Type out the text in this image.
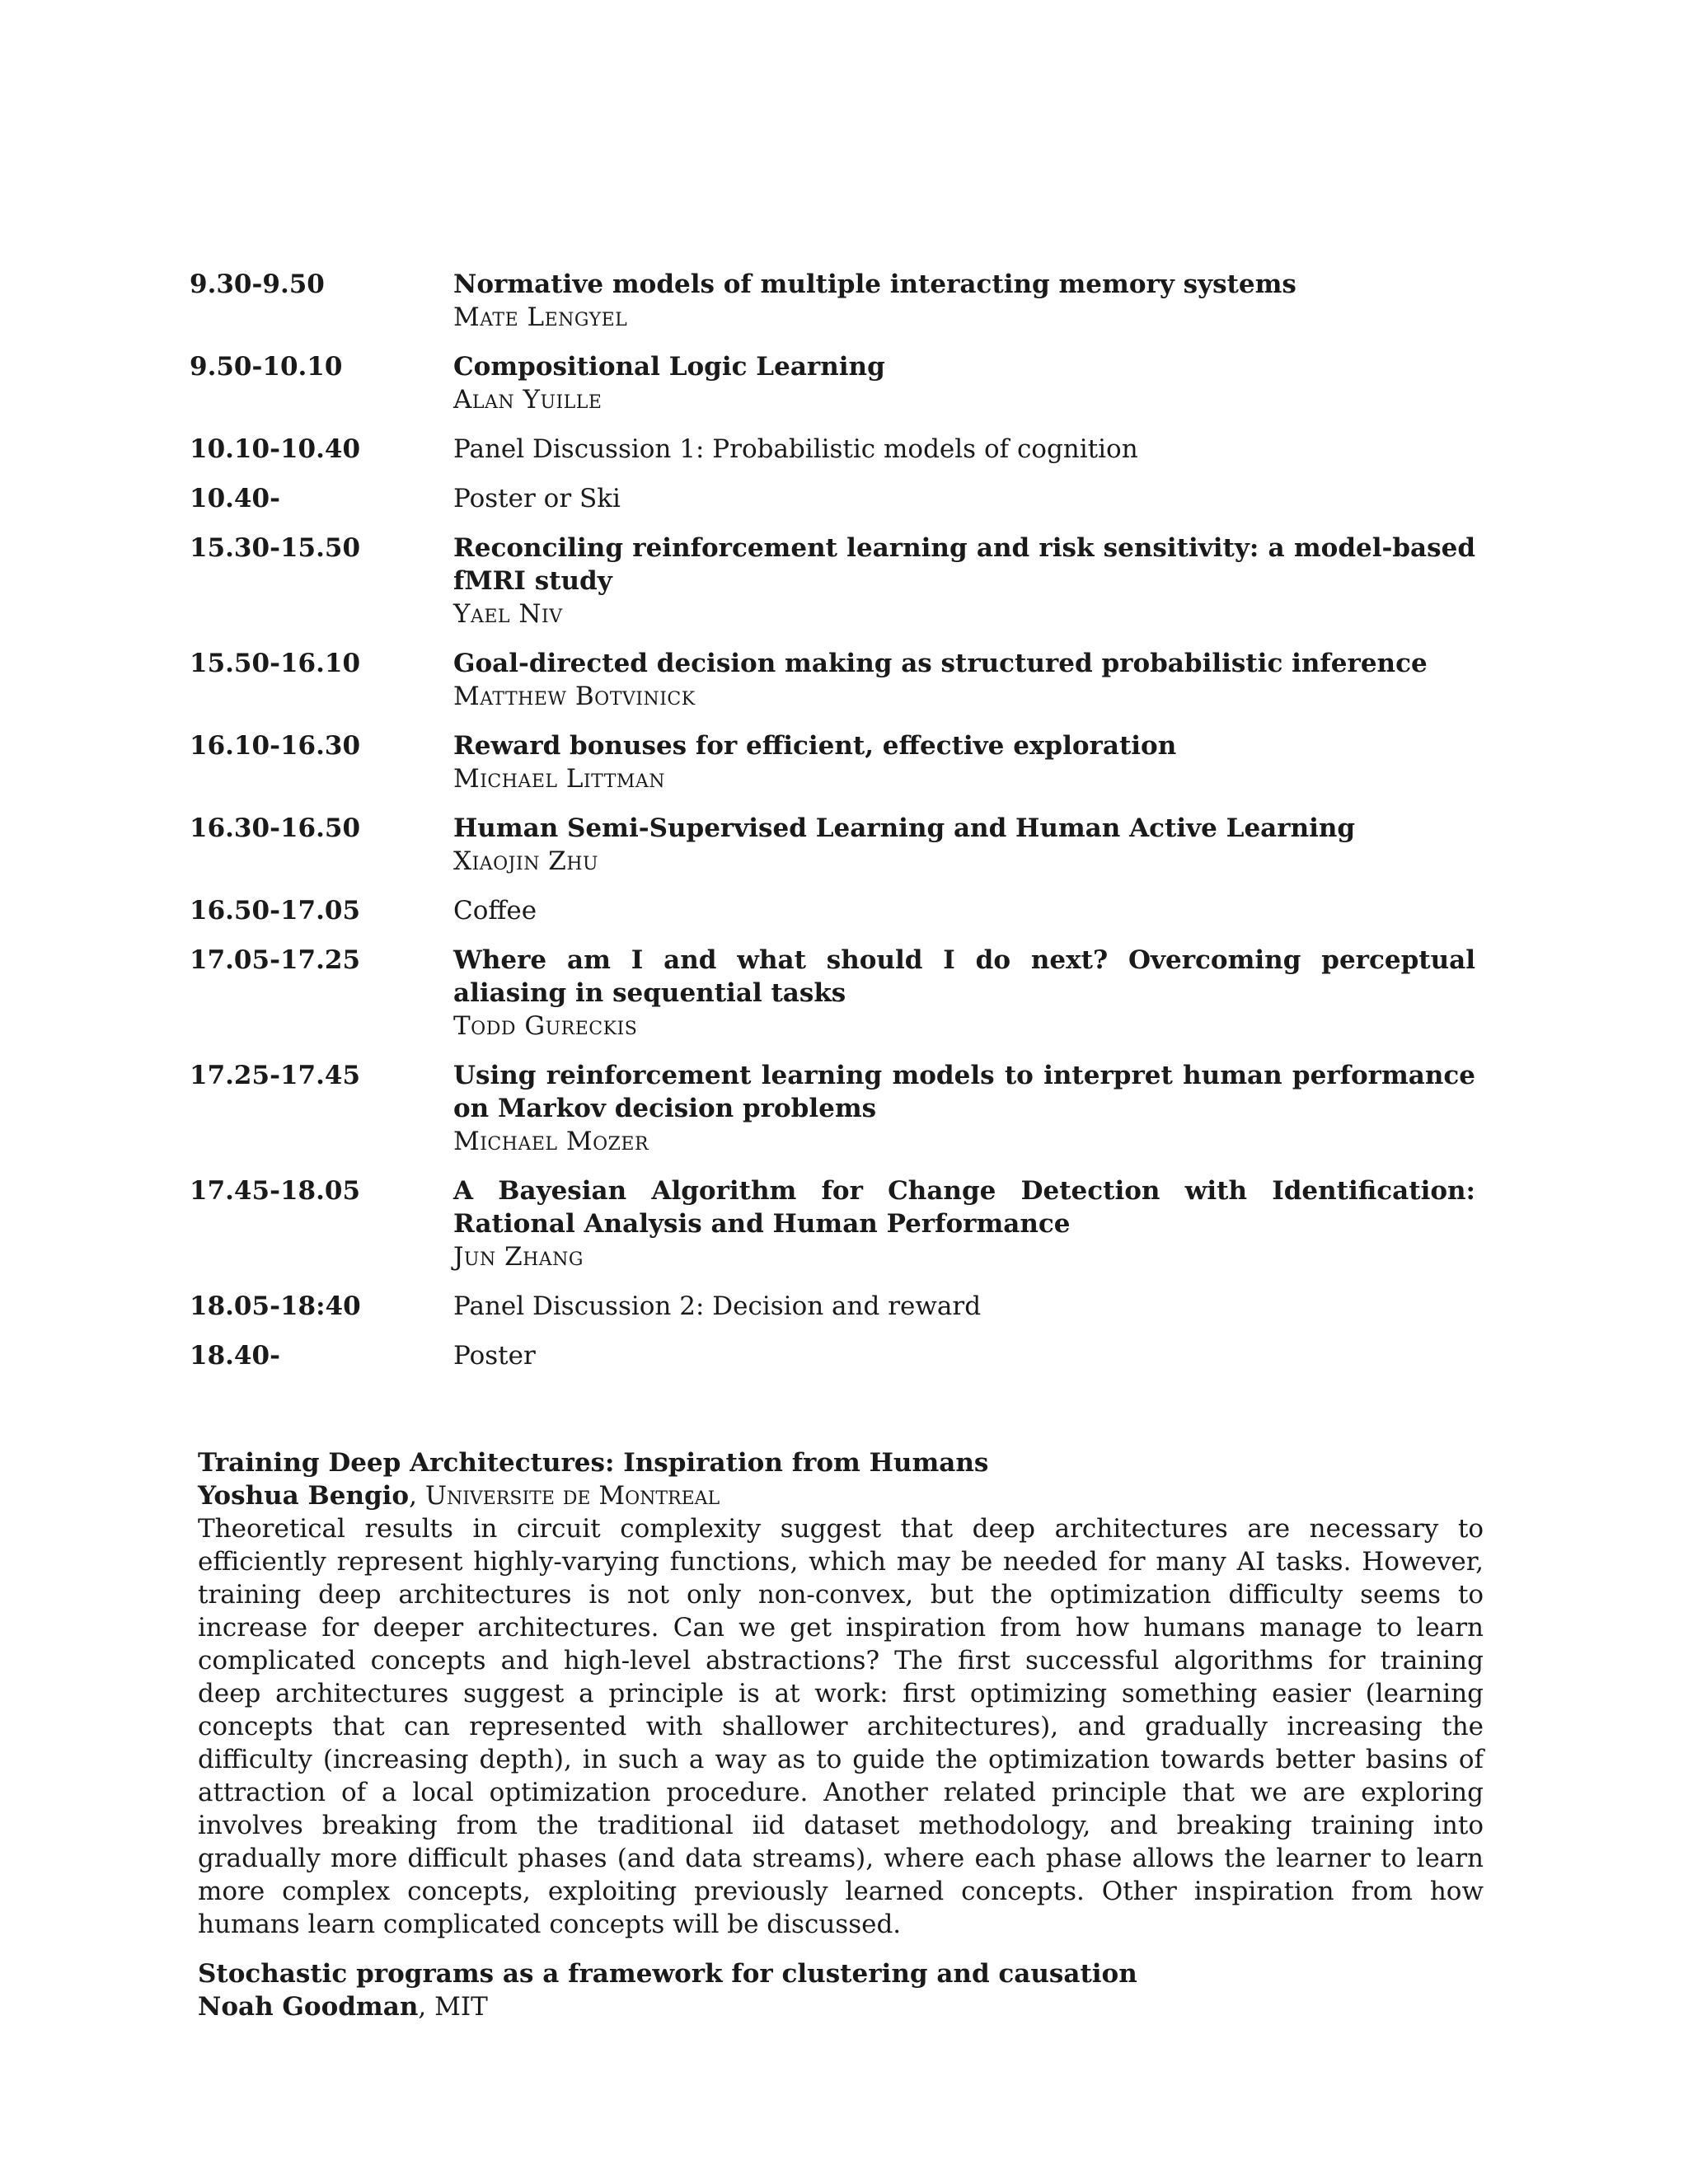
9.30-9.50	Normative models of multiple interacting memory systems
Mate Lengyel
9.50-10.10	Compositional Logic Learning
Alan Yuille
10.10-10.40	Panel Discussion 1: Probabilistic models of cognition
10.40-	Poster or Ski
15.30-15.50	Reconciling reinforcement learning and risk sensitivity: a model-based fMRI study
Yael Niv
15.50-16.10	Goal-directed decision making as structured probabilistic inference
Matthew Botvinick
16.10-16.30	Reward bonuses for efficient, effective exploration
Michael Littman
16.30-16.50	Human Semi-Supervised Learning and Human Active Learning
Xiaojin Zhu
16.50-17.05	Coffee
17.05-17.25	Where am I and what should I do next? Overcoming perceptual aliasing in sequential tasks
Todd Gureckis
17.25-17.45	Using reinforcement learning models to interpret human performance on Markov decision problems
Michael Mozer
17.45-18.05	A Bayesian Algorithm for Change Detection with Identification: Rational Analysis and Human Performance
Jun Zhang
18.05-18:40	Panel Discussion 2: Decision and reward
18.40-	Poster
Training Deep Architectures: Inspiration from Humans
Yoshua Bengio, Universite de Montreal

Theoretical results in circuit complexity suggest that deep architectures are necessary to efficiently represent highly-varying functions, which may be needed for many AI tasks. However, training deep architectures is not only non-convex, but the optimization difficulty seems to increase for deeper architectures. Can we get inspiration from how humans manage to learn complicated concepts and high-level abstractions? The first successful algorithms for training deep architectures suggest a principle is at work: first optimizing something easier (learning concepts that can represented with shallower architectures), and gradually increasing the difficulty (increasing depth), in such a way as to guide the optimization towards better basins of attraction of a local optimization procedure. Another related principle that we are exploring involves breaking from the traditional iid dataset methodology, and breaking training into gradually more difficult phases (and data streams), where each phase allows the learner to learn more complex concepts, exploiting previously learned concepts. Other inspiration from how humans learn complicated concepts will be discussed.

Stochastic programs as a framework for clustering and causation
Noah Goodman, MIT
